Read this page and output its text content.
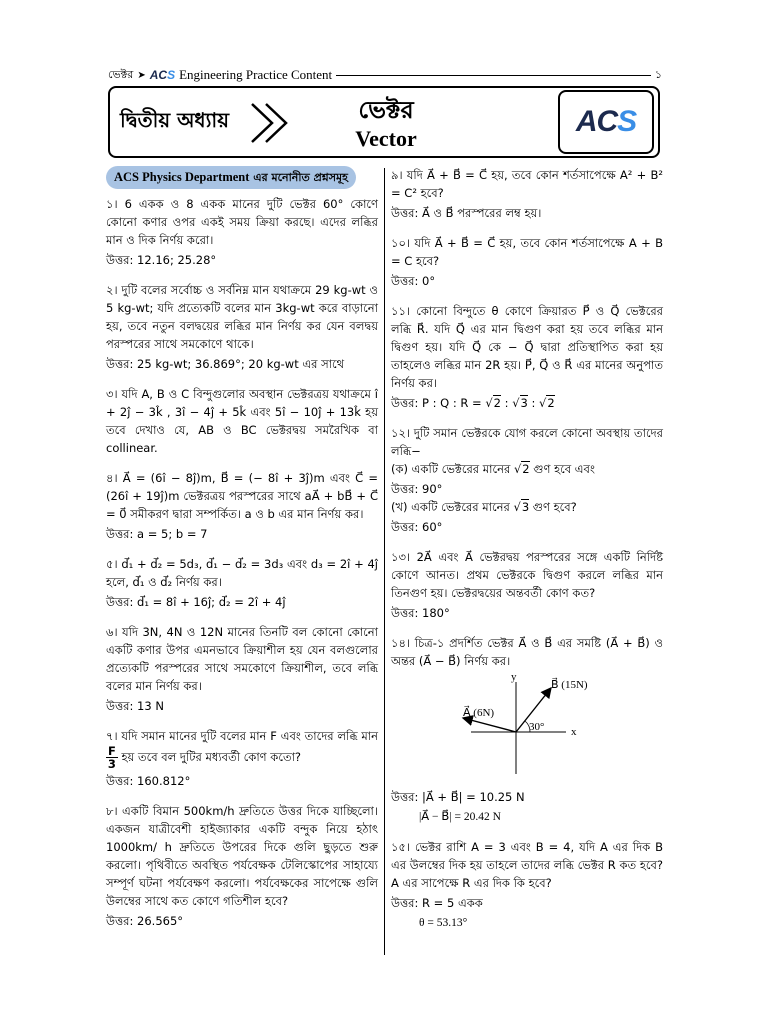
ভেক্টর ➤ ACS Engineering Practice Content	১
দ্বিতীয় অধ্যায়	ভেক্টর
Vector
ACS
ACS Physics Department এর মনোনীত প্রশ্নসমূহ

১। 6 একক ও 8 একক মানের দুটি ভেক্টর 60° কোণে কোনো কণার ওপর একই সময় ক্রিয়া করছে। এদের লব্ধির মান ও দিক নির্ণয় করো।

উত্তর: 12.16; 25.28°

২। দুটি বলের সর্বোচ্চ ও সর্বনিম্ন মান যথাক্রমে 29 kg-wt ও 5 kg-wt; যদি প্রত্যেকটি বলের মান 3kg-wt করে বাড়ানো হয়, তবে নতুন বলদ্বয়ের লব্ধির মান নির্ণয় কর যেন বলদ্বয় পরস্পরের সাথে সমকোণে থাকে।

উত্তর: 25 kg-wt; 36.869°; 20 kg-wt এর সাথে

৩। যদি A, B ও C বিন্দুগুলোর অবস্থান ভেক্টরত্রয় যথাক্রমে î + 2ĵ − 3k̂ , 3î − 4ĵ + 5k̂ এবং 5î − 10ĵ + 13k̂ হয় তবে দেখাও যে, AB ও BC ভেক্টরদ্বয় সমরৈখিক বা collinear.

৪। A⃗ = (6î − 8ĵ)m, B⃗ = (− 8î + 3ĵ)m এবং C⃗ = (26î + 19ĵ)m ভেক্টরত্রয় পরস্পরের সাথে aA⃗ + bB⃗ + C⃗ = 0⃗ সমীকরণ দ্বারা সম্পর্কিত। a ও b এর মান নির্ণয় কর।

উত্তর: a = 5; b = 7

৫। d⃗₁ + d⃗₂ = 5d₃, d⃗₁ − d⃗₂ = 3d₃ এবং d₃ = 2î + 4ĵ হলে, d⃗₁ ও d⃗₂ নির্ণয় কর।

উত্তর: d⃗₁ = 8î + 16ĵ; d⃗₂ = 2î + 4ĵ

৬। যদি 3N, 4N ও 12N মানের তিনটি বল কোনো কোনো একটি কণার উপর এমনভাবে ক্রিয়াশীল হয় যেন বলগুলোর প্রত্যেকটি পরস্পরের সাথে সমকোণে ক্রিয়াশীল, তবে লব্ধি বলের মান নির্ণয় কর।

উত্তর: 13 N

৭। যদি সমান মানের দুটি বলের মান F এবং তাদের লব্ধি মান
$\frac{F}{3}$ হয় তবে বল দুটির মধ্যবর্তী কোণ কতো?

উত্তর: 160.812°

৮। একটি বিমান 500km/h দ্রুতিতে উত্তর দিকে যাচ্ছিলো। একজন যাত্রীবেশী হাইজ্যাকার একটি বন্দুক নিয়ে হঠাৎ 1000km/ h দ্রুতিতে উপরের দিকে গুলি ছুড়তে শুরু করলো। পৃথিবীতে অবস্থিত পর্যবেক্ষক টেলিস্কোপের সাহায্যে সম্পূর্ণ ঘটনা পর্যবেক্ষণ করলো। পর্যবেক্ষকের সাপেক্ষে গুলি উলম্বের সাথে কত কোণে গতিশীল হবে?

উত্তর: 26.565°

৯। যদি A⃗ + B⃗ = C⃗ হয়, তবে কোন শর্তসাপেক্ষে A² + B² = C² হবে?

উত্তর: A⃗ ও B⃗ পরস্পরের লম্ব হয়।

১০। যদি A⃗ + B⃗ = C⃗ হয়, তবে কোন শর্তসাপেক্ষে A + B = C হবে?

উত্তর: 0°

১১। কোনো বিন্দুতে θ কোণে ক্রিয়ারত P⃗ ও Q⃗ ভেক্টরের লব্ধি R⃗. যদি Q⃗ এর মান দ্বিগুণ করা হয় তবে লব্ধির মান দ্বিগুণ হয়। যদি Q⃗ কে − Q⃗ দ্বারা প্রতিস্থাপিত করা হয় তাহলেও লব্ধির মান 2R হয়। P⃗, Q⃗ ও R⃗ এর মানের অনুপাত নির্ণয় কর।

উত্তর: P : Q : R = √2 : √3 : √2

১২। দুটি সমান ভেক্টরকে যোগ করলে কোনো অবস্থায় তাদের লব্ধি−

(ক) একটি ভেক্টরের মানের √2 গুণ হবে এবং

উত্তর: 90°

(খ) একটি ভেক্টরের মানের √3 গুণ হবে?

উত্তর: 60°

১৩। 2A⃗ এবং A⃗ ভেক্টরদ্বয় পরস্পরের সঙ্গে একটি নির্দিষ্ট কোণে আনত। প্রথম ভেক্টরকে দ্বিগুণ করলে লব্ধির মান তিনগুণ হয়। ভেক্টরদ্বয়ের অন্তবর্তী কোণ কত?

উত্তর: 180°

১৪। চিত্র-১ প্রদর্শিত ভেক্টর A⃗ ও B⃗ এর সমষ্টি (A⃗ + B⃗) ও অন্তর (A⃗ − B⃗) নির্ণয় কর।

y
x
B⃗ (15N)
A⃗ (6N)
30°

উত্তর: |A⃗ + B⃗| = 10.25 N

|A⃗ − B⃗| = 20.42 N

১৫। ভেক্টর রাশি A = 3 এবং B = 4, যদি A এর দিক B এর উলম্বের দিক হয় তাহলে তাদের লব্ধি ভেক্টর R কত হবে? A এর সাপেক্ষে R এর দিক কি হবে?

উত্তর: R = 5 একক

θ = 53.13°
